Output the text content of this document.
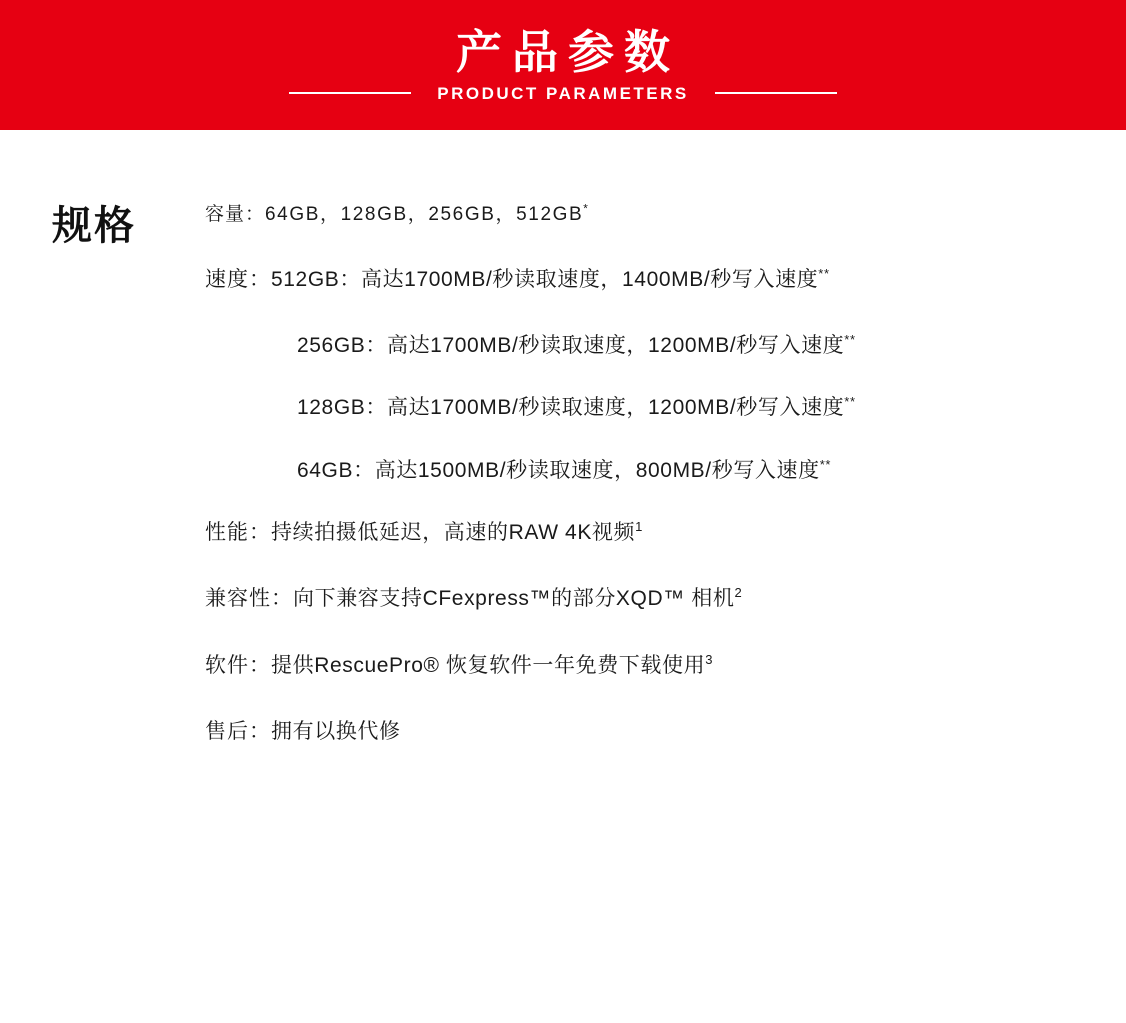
产品参数
PRODUCT PARAMETERS
规格	容量：64GB，128GB，256GB，512GB*
速度：512GB：高达1700MB/秒读取速度，1400MB/秒写入速度**
256GB：高达1700MB/秒读取速度，1200MB/秒写入速度**
128GB：高达1700MB/秒读取速度，1200MB/秒写入速度**
64GB：高达1500MB/秒读取速度，800MB/秒写入速度**
性能：持续拍摄低延迟，高速的RAW 4K视频$^1$
兼容性：向下兼容支持CFexpress™的部分XQD™ 相机$^2$
软件：提供RescuePro® 恢复软件一年免费下载使用$^3$
售后：拥有以换代修
